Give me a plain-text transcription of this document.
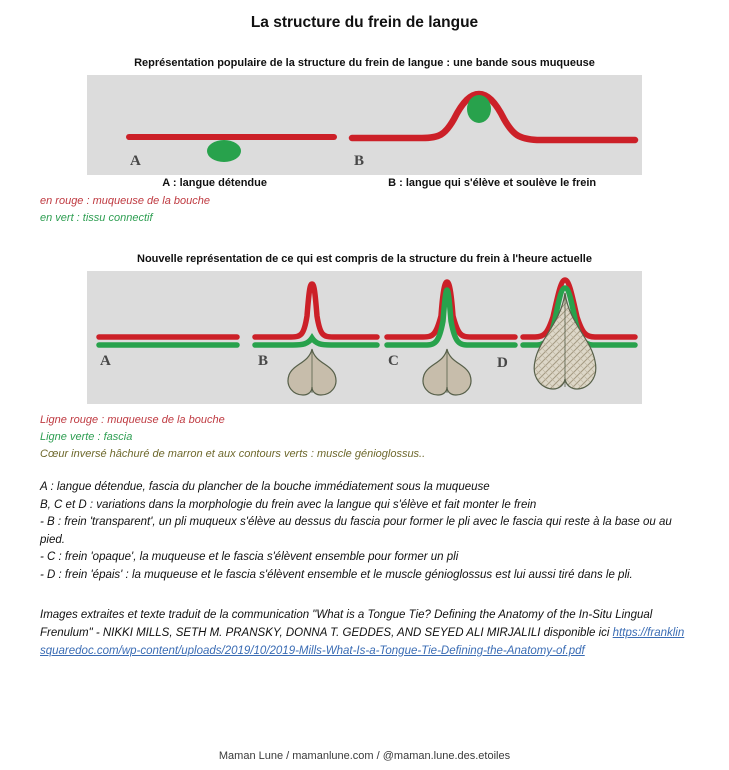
La structure du frein de langue
Représentation populaire de la structure du frein de langue : une bande sous muqueuse
A	B
A : langue détendue	B : langue qui s'élève et soulève le frein
en rouge : muqueuse de la bouche
en vert : tissu connectif
Nouvelle représentation de ce qui est compris de la structure du frein à l'heure actuelle
A	B	C	D
Ligne rouge : muqueuse de la bouche
Ligne verte : fascia
Cœur inversé hâchuré de marron et aux contours verts : muscle génioglossus..
A : langue détendue, fascia du plancher de la bouche immédiatement sous la muqueuse
B, C et D : variations dans la morphologie du frein avec la langue qui s'élève et fait monter le frein
- B : frein 'transparent', un pli muqueux s'élève au dessus du fascia pour former le pli avec le fascia qui reste à la base ou au pied.
- C : frein 'opaque', la muqueuse et le fascia s'élèvent ensemble pour former un pli
- D : frein 'épais' : la muqueuse et le fascia s'élèvent ensemble et le muscle génioglossus est lui aussi tiré dans le pli.
Images extraites et texte traduit de la communication "What is a Tongue Tie? Defining the Anatomy of the In-Situ Lingual Frenulum" - NIKKI MILLS, SETH M. PRANSKY, DONNA T. GEDDES, AND SEYED ALI MIRJALILI disponible ici https://franklinsquaredoc.com/wp-content/uploads/2019/10/2019-Mills-What-Is-a-Tongue-Tie-Defining-the-Anatomy-of.pdf
Maman Lune / mamanlune.com / @maman.lune.des.etoiles
